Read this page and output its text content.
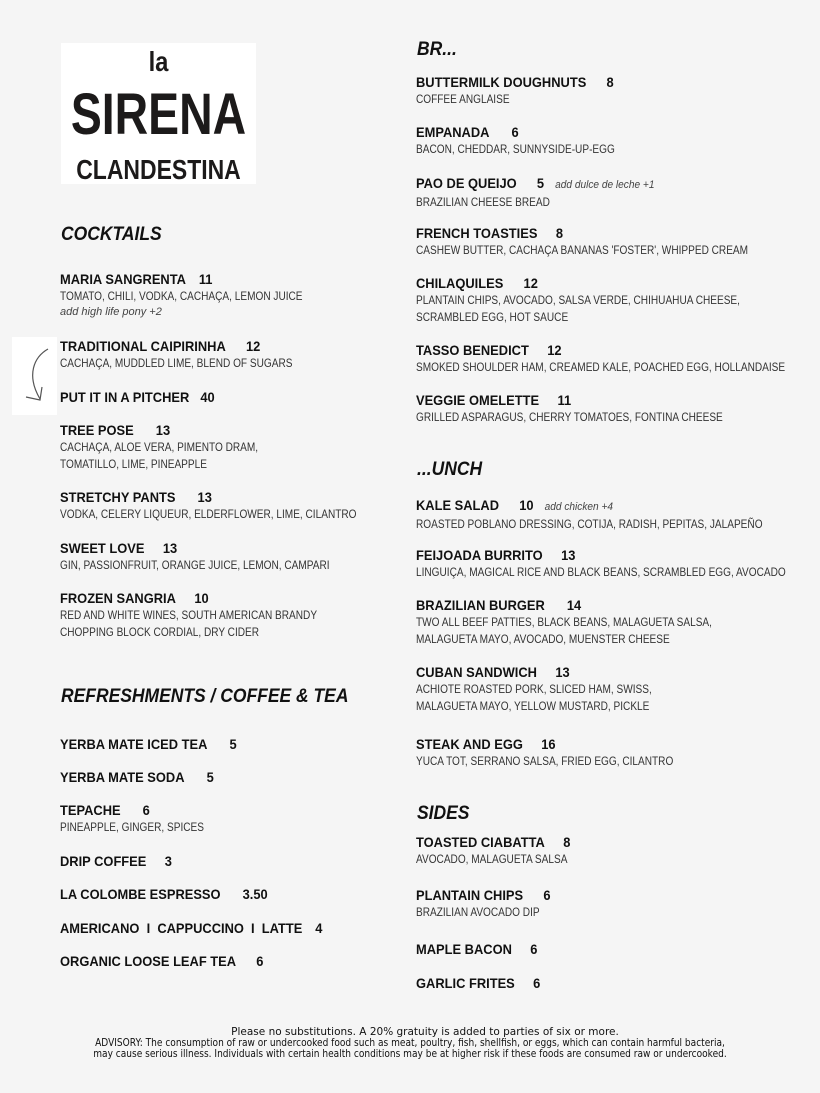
la
SIRENA
CLANDESTINA
COCKTAILS
MARIA SANGRENTA 11
TOMATO, CHILI, VODKA, CACHAÇA, LEMON JUICE
add high life pony +2
TRADITIONAL CAIPIRINHA 12
CACHAÇA, MUDDLED LIME, BLEND OF SUGARS
PUT IT IN A PITCHER 40
TREE POSE 13
CACHAÇA, ALOE VERA, PIMENTO DRAM,
TOMATILLO, LIME, PINEAPPLE
STRETCHY PANTS 13
VODKA, CELERY LIQUEUR, ELDERFLOWER, LIME, CILANTRO
SWEET LOVE 13
GIN, PASSIONFRUIT, ORANGE JUICE, LEMON, CAMPARI
FROZEN SANGRIA 10
RED AND WHITE WINES, SOUTH AMERICAN BRANDY
CHOPPING BLOCK CORDIAL, DRY CIDER
REFRESHMENTS / COFFEE & TEA
YERBA MATE ICED TEA 5
YERBA MATE SODA 5
TEPACHE 6
PINEAPPLE, GINGER, SPICES
DRIP COFFEE 3
LA COLOMBE ESPRESSO 3.50
AMERICANO  I  CAPPUCCINO  I  LATTE 4
ORGANIC LOOSE LEAF TEA 6
BR...
BUTTERMILK DOUGHNUTS 8
COFFEE ANGLAISE
EMPANADA 6
BACON, CHEDDAR, SUNNYSIDE-UP-EGG
PAO DE QUEIJO 5 add dulce de leche +1
BRAZILIAN CHEESE BREAD
FRENCH TOASTIES 8
CASHEW BUTTER, CACHAÇA BANANAS 'FOSTER', WHIPPED CREAM
CHILAQUILES 12
PLANTAIN CHIPS, AVOCADO, SALSA VERDE, CHIHUAHUA CHEESE,
SCRAMBLED EGG, HOT SAUCE
TASSO BENEDICT 12
SMOKED SHOULDER HAM, CREAMED KALE, POACHED EGG, HOLLANDAISE
VEGGIE OMELETTE 11
GRILLED ASPARAGUS, CHERRY TOMATOES, FONTINA CHEESE
...UNCH
KALE SALAD 10 add chicken +4
ROASTED POBLANO DRESSING, COTIJA, RADISH, PEPITAS, JALAPEÑO
FEIJOADA BURRITO 13
LINGUIÇA, MAGICAL RICE AND BLACK BEANS, SCRAMBLED EGG, AVOCADO
BRAZILIAN BURGER 14
TWO ALL BEEF PATTIES, BLACK BEANS, MALAGUETA SALSA,
MALAGUETA MAYO, AVOCADO, MUENSTER CHEESE
CUBAN SANDWICH 13
ACHIOTE ROASTED PORK, SLICED HAM, SWISS,
MALAGUETA MAYO, YELLOW MUSTARD, PICKLE
STEAK AND EGG 16
YUCA TOT, SERRANO SALSA, FRIED EGG, CILANTRO
SIDES
TOASTED CIABATTA 8
AVOCADO, MALAGUETA SALSA
PLANTAIN CHIPS 6
BRAZILIAN AVOCADO DIP
MAPLE BACON 6
GARLIC FRITES 6
Please no substitutions. A 20% gratuity is added to parties of six or more.
ADVISORY: The consumption of raw or undercooked food such as meat, poultry, fish, shellfish, or eggs, which can contain harmful bacteria,
may cause serious illness. Individuals with certain health conditions may be at higher risk if these foods are consumed raw or undercooked.
